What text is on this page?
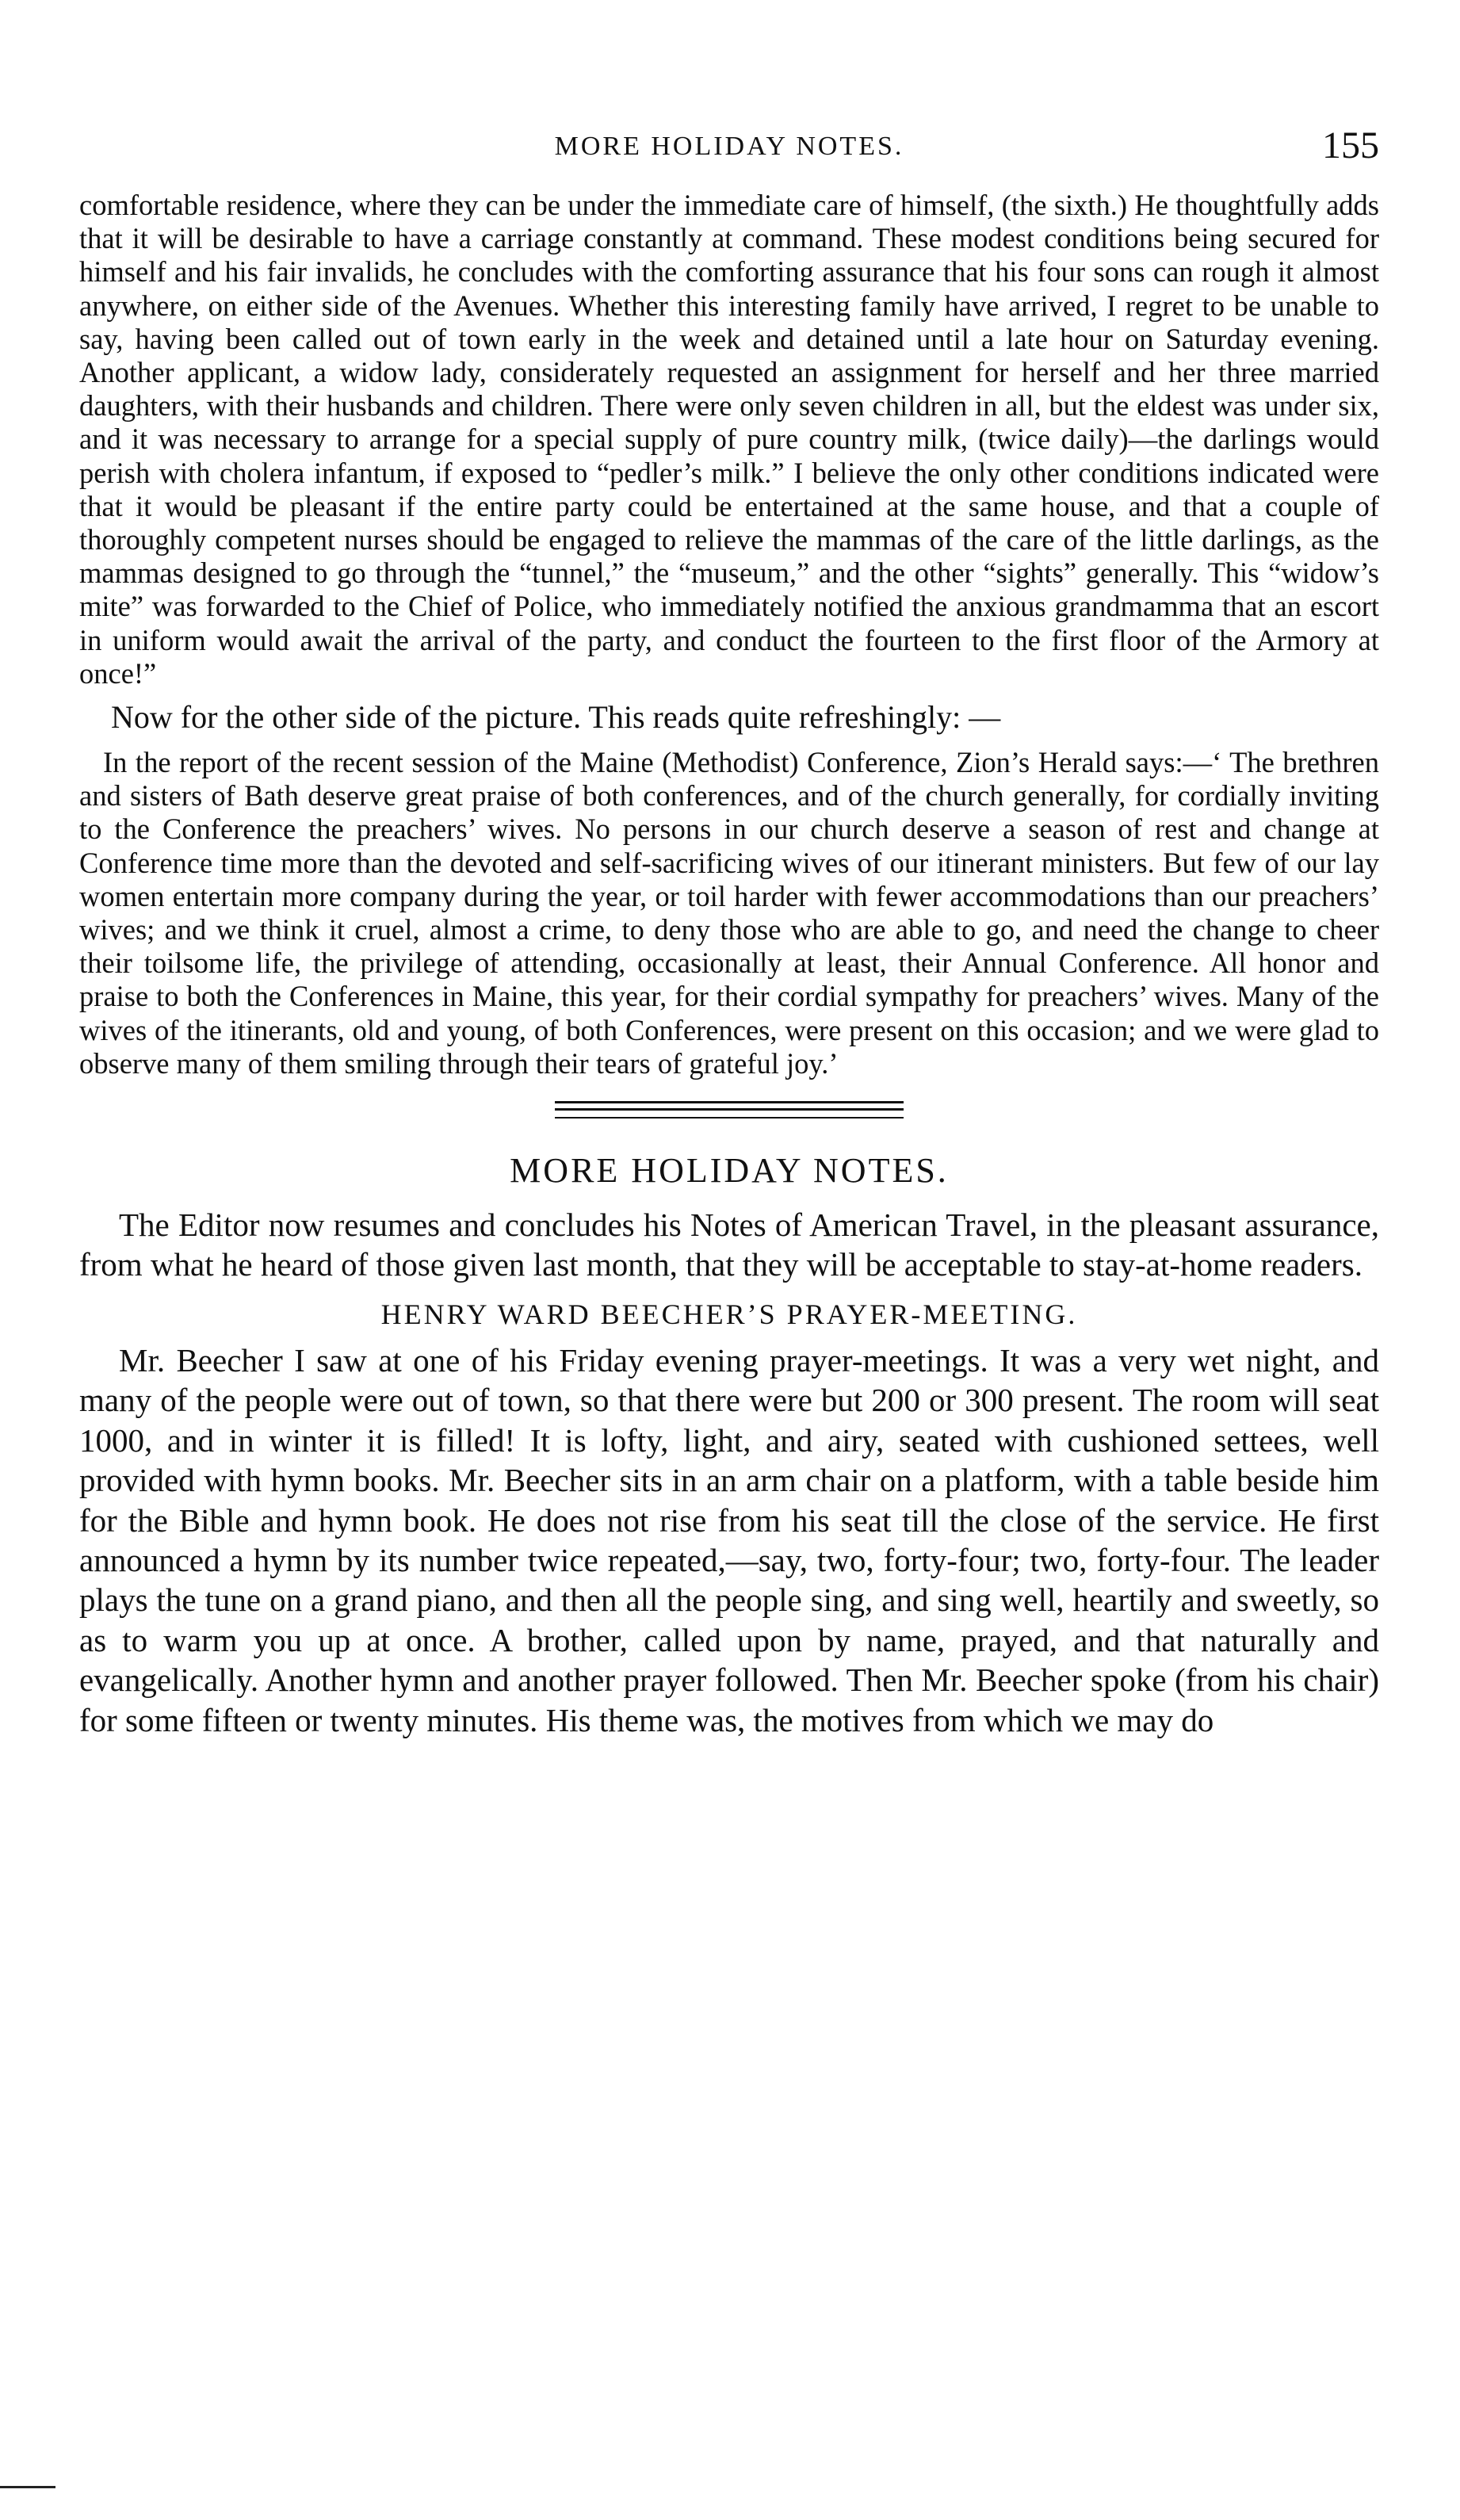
MORE HOLIDAY NOTES.	155

comfortable residence, where they can be under the immediate care of himself, (the sixth.) He thoughtfully adds that it will be desirable to have a carriage constantly at command. These modest conditions being secured for himself and his fair invalids, he concludes with the comforting assurance that his four sons can rough it almost anywhere, on either side of the Avenues. Whether this interesting family have arrived, I regret to be unable to say, having been called out of town early in the week and detained until a late hour on Saturday evening. Another applicant, a widow lady, considerately requested an assignment for herself and her three married daughters, with their husbands and children. There were only seven children in all, but the eldest was under six, and it was necessary to arrange for a special supply of pure country milk, (twice daily)—the darlings would perish with cholera infantum, if exposed to “pedler’s milk.” I believe the only other conditions indicated were that it would be pleasant if the entire party could be entertained at the same house, and that a couple of thoroughly competent nurses should be engaged to relieve the mammas of the care of the little darlings, as the mammas designed to go through the “tunnel,” the “museum,” and the other “sights” generally. This “widow’s mite” was forwarded to the Chief of Police, who immediately notified the anxious grandmamma that an escort in uniform would await the arrival of the party, and conduct the fourteen to the first floor of the Armory at once!”

Now for the other side of the picture. This reads quite refreshingly: —

In the report of the recent session of the Maine (Methodist) Conference, Zion’s Herald says:—‘ The brethren and sisters of Bath deserve great praise of both conferences, and of the church generally, for cordially inviting to the Conference the preachers’ wives. No persons in our church deserve a season of rest and change at Conference time more than the devoted and self-sacrificing wives of our itinerant ministers. But few of our lay women entertain more company during the year, or toil harder with fewer accommodations than our preachers’ wives; and we think it cruel, almost a crime, to deny those who are able to go, and need the change to cheer their toilsome life, the privilege of attending, occasionally at least, their Annual Conference. All honor and praise to both the Conferences in Maine, this year, for their cordial sympathy for preachers’ wives. Many of the wives of the itinerants, old and young, of both Conferences, were present on this occasion; and we were glad to observe many of them smiling through their tears of grateful joy.’

MORE HOLIDAY NOTES.

The Editor now resumes and concludes his Notes of American Travel, in the pleasant assurance, from what he heard of those given last month, that they will be acceptable to stay-at-home readers.

HENRY WARD BEECHER’S PRAYER-MEETING.

Mr. Beecher I saw at one of his Friday evening prayer-meetings. It was a very wet night, and many of the people were out of town, so that there were but 200 or 300 present. The room will seat 1000, and in winter it is filled! It is lofty, light, and airy, seated with cushioned settees, well provided with hymn books. Mr. Beecher sits in an arm chair on a platform, with a table beside him for the Bible and hymn book. He does not rise from his seat till the close of the service. He first announced a hymn by its number twice repeated,—say, two, forty-four; two, forty-four. The leader plays the tune on a grand piano, and then all the people sing, and sing well, heartily and sweetly, so as to warm you up at once. A brother, called upon by name, prayed, and that naturally and evangelically. Another hymn and another prayer followed. Then Mr. Beecher spoke (from his chair) for some fifteen or twenty minutes. His theme was, the motives from which we may do
